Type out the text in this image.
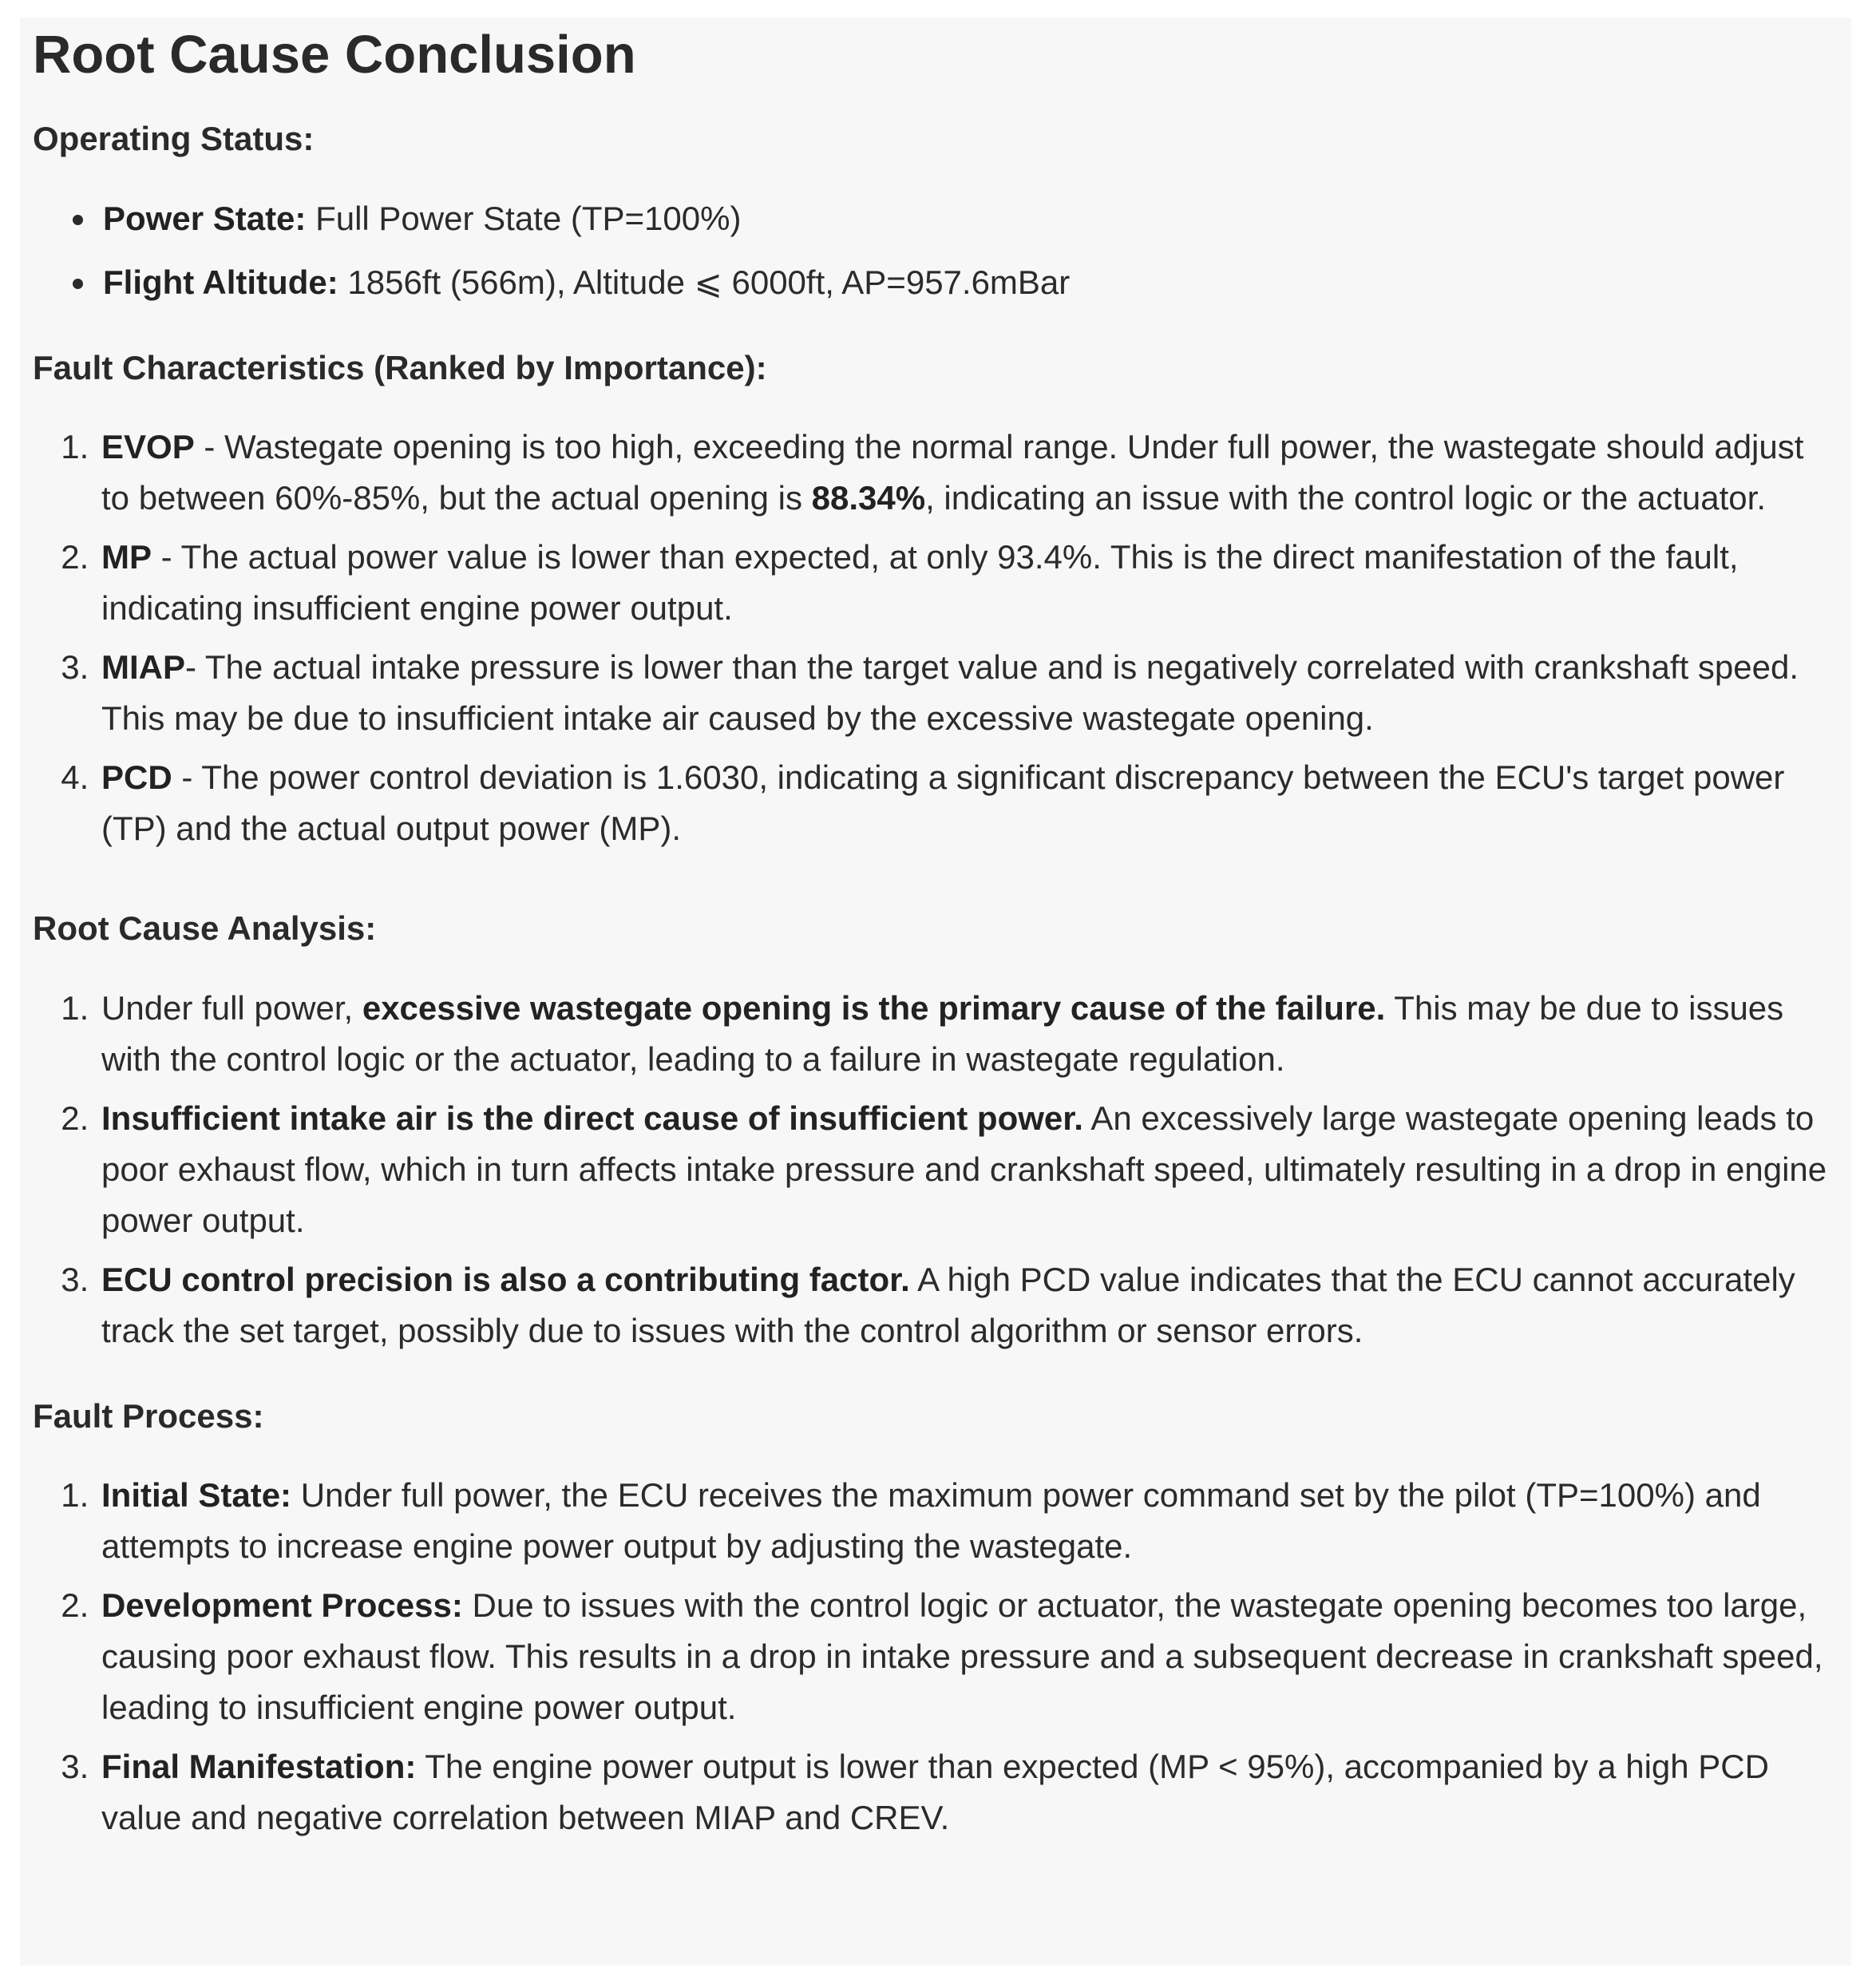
Root Cause Conclusion
Operating Status:
• Power State: Full Power State (TP=100%)
• Flight Altitude: 1856ft (566m), Altitude ⩽ 6000ft, AP=957.6mBar
Fault Characteristics (Ranked by Importance):
1. EVOP - Wastegate opening is too high, exceeding the normal range. Under full power, the wastegate should adjust to between 60%-85%, but the actual opening is 88.34%, indicating an issue with the control logic or the actuator.
2. MP - The actual power value is lower than expected, at only 93.4%. This is the direct manifestation of the fault, indicating insufficient engine power output.
3. MIAP- The actual intake pressure is lower than the target value and is negatively correlated with crankshaft speed. This may be due to insufficient intake air caused by the excessive wastegate opening.
4. PCD - The power control deviation is 1.6030, indicating a significant discrepancy between the ECU's target power (TP) and the actual output power (MP).
Root Cause Analysis:
1. Under full power, excessive wastegate opening is the primary cause of the failure. This may be due to issues with the control logic or the actuator, leading to a failure in wastegate regulation.
2. Insufficient intake air is the direct cause of insufficient power. An excessively large wastegate opening leads to poor exhaust flow, which in turn affects intake pressure and crankshaft speed, ultimately resulting in a drop in engine power output.
3. ECU control precision is also a contributing factor. A high PCD value indicates that the ECU cannot accurately track the set target, possibly due to issues with the control algorithm or sensor errors.
Fault Process:
1. Initial State: Under full power, the ECU receives the maximum power command set by the pilot (TP=100%) and attempts to increase engine power output by adjusting the wastegate.
2. Development Process: Due to issues with the control logic or actuator, the wastegate opening becomes too large, causing poor exhaust flow. This results in a drop in intake pressure and a subsequent decrease in crankshaft speed, leading to insufficient engine power output.
3. Final Manifestation: The engine power output is lower than expected (MP < 95%), accompanied by a high PCD value and negative correlation between MIAP and CREV.
